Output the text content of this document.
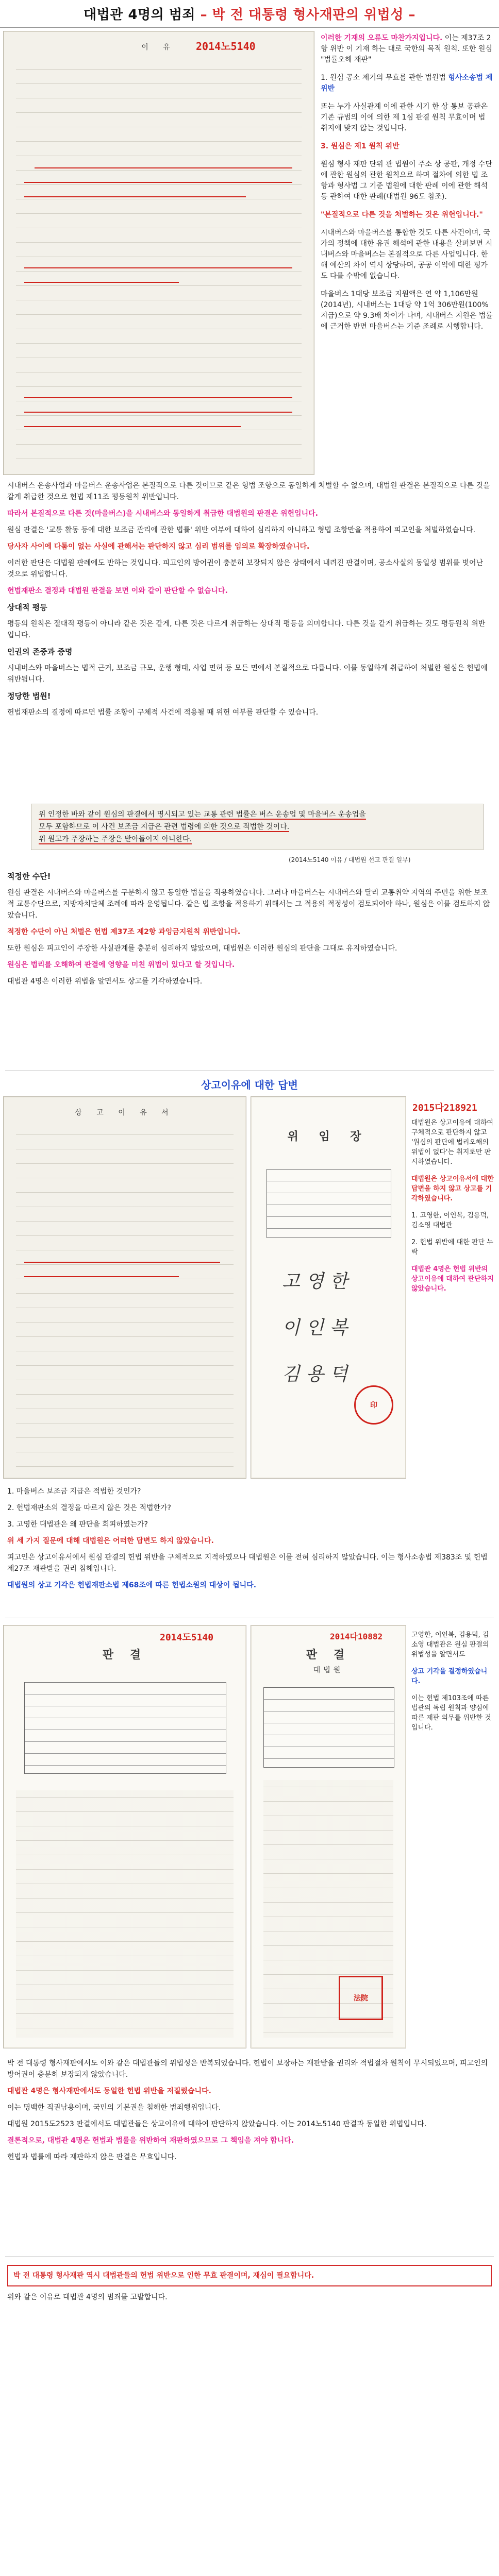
대법관 4명의 범죄 – 박 전 대통령 형사재판의 위법성 –
이 유	2014노5140

이러한 기재의 오류도 마찬가지입니다. 이는 제37조 2항 위반 이 기재 하는 대로 국한의 목적 원칙. 또한 원심 "법률오해 재판"

1. 원심 공소 제기의 무효를 관한 법원법 형사소송법 제 위반

또는 누가 사실관계 이에 관한 시기 한 상 통보 공판은 기존 규범의 이에 의한 제 1심 판결 원칙 무효이며 법 취지에 맞지 않는 것입니다.

3. 원심은 제1 원칙 위반

원심 형사 재판 단위 관 법원이 주소 상 공판, 개정 수단에 관한 원심의 관한 원칙으로 하며 절차에 의한 법 조항과 형사법 그 기준 법원에 대한 판례 이에 관한 해석 등 관하여 대한 판례(대법원 96도 참조).

"본질적으로 다른 것을 처벌하는 것은 위헌입니다."

시내버스와 마을버스를 통합한 것도 다른 사건이며, 국가의 정책에 대한 유권 해석에 관한 내용을 살펴보면 시내버스와 마을버스는 본질적으로 다른 사업입니다. 한 해 예산의 차이 역시 상당하며, 공공 이익에 대한 평가도 다를 수밖에 없습니다.

마을버스 1대당 보조금 지원액은 연 약 1,106만원(2014년), 시내버스는 1대당 약 1억 306만원(100% 지급)으로 약 9.3배 차이가 나며, 시내버스 지원은 법률에 근거한 반면 마을버스는 기준 조례로 시행합니다.

시내버스 운송사업과 마을버스 운송사업은 본질적으로 다른 것이므로 같은 형법 조항으로 동일하게 처벌할 수 없으며, 대법원 판결은 본질적으로 다른 것을 같게 취급한 것으로 헌법 제11조 평등원칙 위반입니다.

따라서 본질적으로 다른 것(마을버스)을 시내버스와 동일하게 취급한 대법원의 판결은 위헌입니다.

원심 판결은 '교통 활동 등에 대한 보조금 관리에 관한 법률' 위반 여부에 대하여 심리하지 아니하고 형법 조항만을 적용하여 피고인을 처벌하였습니다.

당사자 사이에 다툼이 없는 사실에 관해서는 판단하지 않고 심리 범위를 임의로 확장하였습니다.

이러한 판단은 대법원 판례에도 반하는 것입니다. 피고인의 방어권이 충분히 보장되지 않은 상태에서 내려진 판결이며, 공소사실의 동일성 범위를 벗어난 것으로 위법합니다.

헌법재판소 결정과 대법원 판결을 보면 이와 같이 판단할 수 없습니다.

상대적 평등

평등의 원칙은 절대적 평등이 아니라 같은 것은 같게, 다른 것은 다르게 취급하는 상대적 평등을 의미합니다. 다른 것을 같게 취급하는 것도 평등원칙 위반입니다.

인권의 존중과 증명

시내버스와 마을버스는 법적 근거, 보조금 규모, 운행 형태, 사업 면허 등 모든 면에서 본질적으로 다릅니다. 이를 동일하게 취급하여 처벌한 원심은 헌법에 위반됩니다.

정당한 법원!

헌법재판소의 결정에 따르면 법률 조항이 구체적 사건에 적용될 때 위헌 여부를 판단할 수 있습니다.

위 인정한 바와 같이 원심의 판결에서 명시되고 있는 교통 관련 법률은 버스 운송업 및 마을버스 운송업을
모두 포함하므로 이 사건 보조금 지급은 관련 법령에 의한 것으로 적법한 것이다.
위 원고가 주장하는 주장은 받아들이지 아니한다.
(2014노5140 이유 / 대법원 선고 판결 일부)

적정한 수단!

원심 판결은 시내버스와 마을버스를 구분하지 않고 동일한 법률을 적용하였습니다. 그러나 마을버스는 시내버스와 달리 교통취약 지역의 주민을 위한 보조적 교통수단으로, 지방자치단체 조례에 따라 운영됩니다. 같은 법 조항을 적용하기 위해서는 그 적용의 적정성이 검토되어야 하나, 원심은 이를 검토하지 않았습니다.

적정한 수단이 아닌 처벌은 헌법 제37조 제2항 과잉금지원칙 위반입니다.

또한 원심은 피고인이 주장한 사실관계를 충분히 심리하지 않았으며, 대법원은 이러한 원심의 판단을 그대로 유지하였습니다.

원심은 법리를 오해하여 판결에 영향을 미친 위법이 있다고 할 것입니다.

대법관 4명은 이러한 위법을 알면서도 상고를 기각하였습니다.

상고이유에 대한 답변
상 고 이 유 서
위 임 장
고 영 한
이 인 복
김 용 덕
印
2015다218921

대법원은 상고이유에 대하여 구체적으로 판단하지 않고 '원심의 판단에 법리오해의 위법이 없다'는 취지로만 판시하였습니다.

대법원은 상고이유서에 대한 답변을 하지 않고 상고를 기각하였습니다.

1. 고영한, 이인복, 김용덕, 김소영 대법관

2. 헌법 위반에 대한 판단 누락

대법관 4명은 헌법 위반의 상고이유에 대하여 판단하지 않았습니다.

1. 마을버스 보조금 지급은 적법한 것인가?

2. 헌법재판소의 결정을 따르지 않은 것은 적법한가?

3. 고영한 대법관은 왜 판단을 회피하였는가?

위 세 가지 질문에 대해 대법원은 어떠한 답변도 하지 않았습니다.

피고인은 상고이유서에서 원심 판결의 헌법 위반을 구체적으로 지적하였으나 대법원은 이를 전혀 심리하지 않았습니다. 이는 형사소송법 제383조 및 헌법 제27조 재판받을 권리 침해입니다.

대법원의 상고 기각은 헌법재판소법 제68조에 따른 헌법소원의 대상이 됩니다.

판 결
2014도5140
판 결
대법원
法院
2014다10882	고영한, 이인복, 김용덕, 김소영 대법관은 원심 판결의 위법성을 알면서도

상고 기각을 결정하였습니다.

이는 헌법 제103조에 따른 법관의 독립 원칙과 양심에 따른 재판 의무를 위반한 것입니다.

박 전 대통령 형사재판에서도 이와 같은 대법관들의 위법성은 반복되었습니다. 헌법이 보장하는 재판받을 권리와 적법절차 원칙이 무시되었으며, 피고인의 방어권이 충분히 보장되지 않았습니다.

대법관 4명은 형사재판에서도 동일한 헌법 위반을 저질렀습니다.

이는 명백한 직권남용이며, 국민의 기본권을 침해한 범죄행위입니다.

대법원 2015도2523 판결에서도 대법관들은 상고이유에 대하여 판단하지 않았습니다. 이는 2014노5140 판결과 동일한 위법입니다.

결론적으로, 대법관 4명은 헌법과 법률을 위반하여 재판하였으므로 그 책임을 져야 합니다.

헌법과 법률에 따라 재판하지 않은 판결은 무효입니다.

박 전 대통령 형사재판 역시 대법관들의 헌법 위반으로 인한 무효 판결이며, 재심이 필요합니다.

위와 같은 이유로 대법관 4명의 범죄를 고발합니다.
